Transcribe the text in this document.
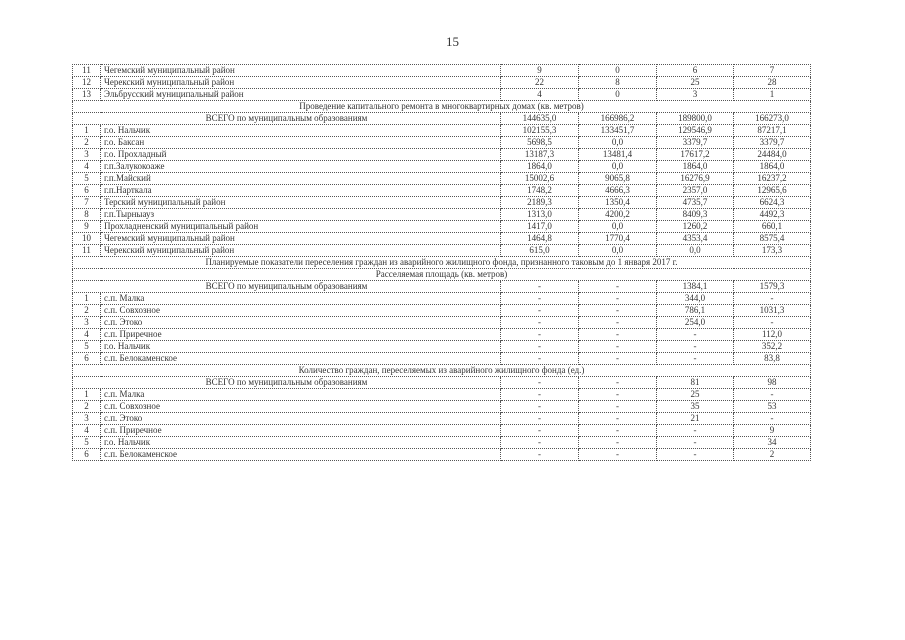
15
11	Чегемский муниципальный район	9	0	6	7
12	Черекский муниципальный район	22	8	25	28
13	Эльбрусский муниципальный район	4	0	3	1
Проведение капитального ремонта в многоквартирных домах (кв. метров)					
ВСЕГО по муниципальным образованиям		144635,0	166986,2	189800,0	166273,0
1	г.о. Нальчик	102155,3	133451,7	129546,9	87217,1
2	г.о. Баксан	5698,5	0,0	3379,7	3379,7
3	г.о. Прохладный	13187,3	13481,4	17617,2	24484,0
4	г.п.Залукокоаже	1864,0	0,0	1864,0	1864,0
5	г.п.Майский	15002,6	9065,8	16276,9	16237,2
6	г.п.Нарткала	1748,2	4666,3	2357,0	12965,6
7	Терский муниципальный район	2189,3	1350,4	4735,7	6624,3
8	г.п.Тырныауз	1313,0	4200,2	8409,3	4492,3
9	Прохладненский муниципальный район	1417,0	0,0	1260,2	660,1
10	Чегемский муниципальный район	1464,8	1770,4	4353,4	8575,4
11	Черекский муниципальный район	615,0	0,0	0,0	173,3
Планируемые показатели переселения граждан из аварийного жилищного фонда, признанного таковым до 1 января 2017 г.					
Расселяемая площадь (кв. метров)					
ВСЕГО по муниципальным образованиям		-	-	1384,1	1579,3
1	с.п. Малка	-	-	344,0	-
2	с.п. Совхозное	-	-	786,1	1031,3
3	с.п. Этоко	-	-	254,0	-
4	с.п. Приречное	-	-	-	112,0
5	г.о. Нальчик	-	-	-	352,2
6	с.п. Белокаменское	-	-	-	83,8
Количество граждан, переселяемых из аварийного жилищного фонда (ед.)					
ВСЕГО по муниципальным образованиям		-	-	81	98
1	с.п. Малка	-	-	25	-
2	с.п. Совхозное	-	-	35	53
3	с.п. Этоко	-	-	21	-
4	с.п. Приречное	-	-	-	9
5	г.о. Нальчик	-	-	-	34
6	с.п. Белокаменское	-	-	-	2
